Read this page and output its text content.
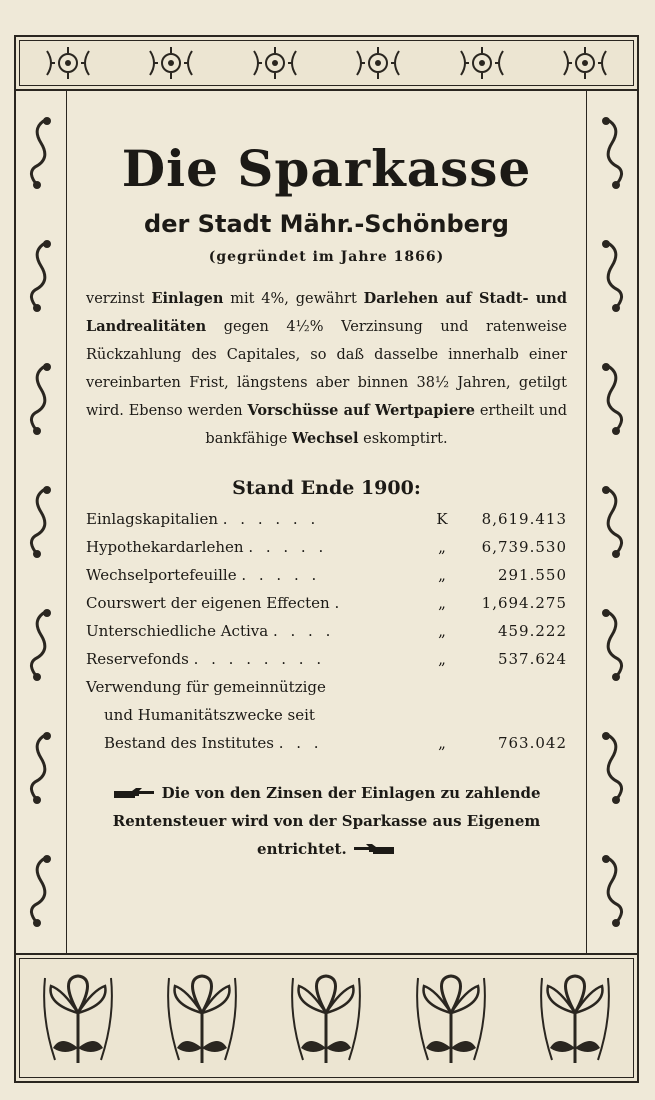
Die Sparkasse
der Stadt Mähr.-Schönberg
(gegründet im Jahre 1866)

verzinst Einlagen mit 4%, gewährt Darlehen auf Stadt- und Landrealitäten gegen 4½% Verzinsung und ratenweise Rückzahlung des Capitales, so daß dasselbe innerhalb einer vereinbarten Frist, längstens aber binnen 38½ Jahren, getilgt wird. Ebenso werden Vorschüsse auf Wertpapiere ertheilt und bankfähige Wechsel eskomptirt.

Stand Ende 1900:
Einlagskapitalien . . . . . .	K	8,619.413
Hypothekardarlehen . . . . .	„	6,739.530
Wechselportefeuille . . . . .	„	291.550
Courswert der eigenen Effecten .	„	1,694.275
Unterschiedliche Activa . . . .	„	459.222
Reservefonds . . . . . . . .	„	537.624
Verwendung für gemeinnützige		
und Humanitätszwecke seit		
Bestand des Institutes . . .	„	763.042

Die von den Zinsen der Einlagen zu zahlende Rentensteuer wird von der Sparkasse aus Eigenem entrichtet.
